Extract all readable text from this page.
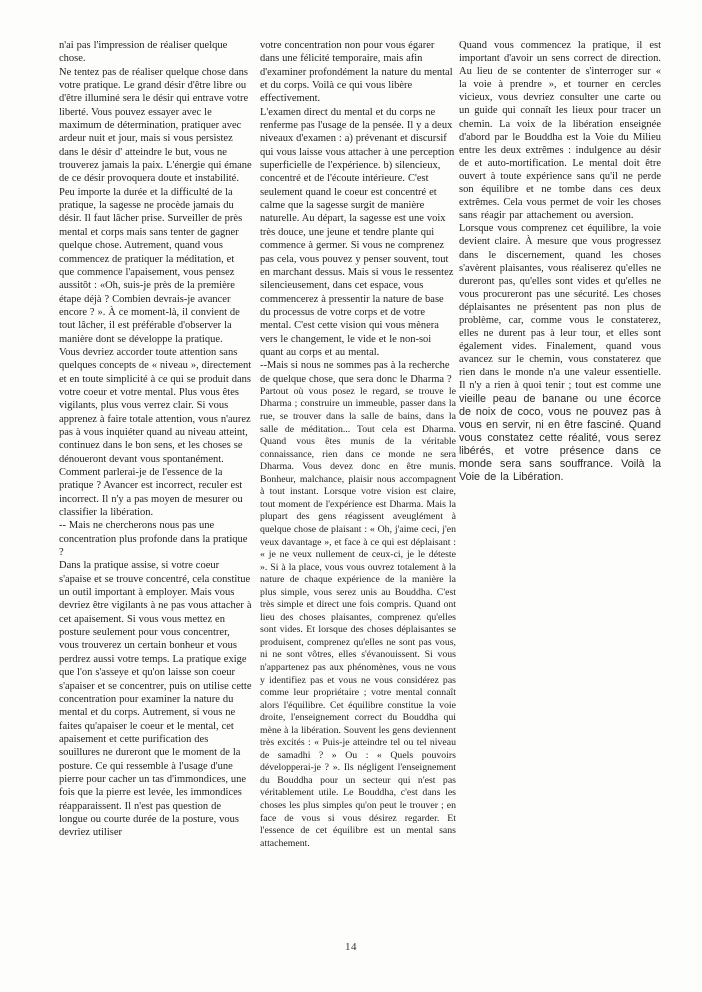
n'ai pas l'impression de réaliser quelque chose.

Ne tentez pas de réaliser quelque chose dans votre pratique. Le grand désir d'être libre ou d'être illuminé sera le désir qui entrave votre liberté. Vous pouvez essayer avec le maximum de détermination, pratiquer avec ardeur nuit et jour, mais si vous persistez dans le désir d' atteindre le but, vous ne trouverez jamais la paix. L'énergie qui émane de ce désir provoquera doute et instabilité. Peu importe la durée et la difficulté de la pratique, la sagesse ne procède jamais du désir. Il faut lâcher prise. Surveiller de près mental et corps mais sans tenter de gagner quelque chose. Autrement, quand vous commencez de pratiquer la méditation, et que commence l'apaisement, vous pensez aussitôt : «Oh, suis-je près de la première étape déjà ? Combien devrais-je avancer encore ? ». À ce moment-là, il convient de tout lâcher, il est préférable d'observer la manière dont se développe la pratique.

Vous devriez accorder toute attention sans quelques concepts de « niveau », directement et en toute simplicité à ce qui se produit dans votre coeur et votre mental. Plus vous êtes vigilants, plus vous verrez clair. Si vous apprenez à faire totale attention, vous n'aurez pas à vous inquiéter quand au niveau atteint, continuez dans le bon sens, et les choses se dénoueront devant vous spontanément. Comment parlerai-je de l'essence de la pratique ? Avancer est incorrect, reculer est incorrect. Il n'y a pas moyen de mesurer ou classifier la libération.

-- Mais ne chercherons nous pas une concentration plus profonde dans la pratique ?

Dans la pratique assise, si votre coeur s'apaise et se trouve concentré, cela constitue un outil important à employer. Mais vous devriez être vigilants à ne pas vous attacher à cet apaisement. Si vous vous mettez en posture seulement pour vous concentrer, vous trouverez un certain bonheur et vous perdrez aussi votre temps. La pratique exige que l'on s'asseye et qu'on laisse son coeur s'apaiser et se concentrer, puis on utilise cette concentration pour examiner la nature du mental et du corps. Autrement, si vous ne faites qu'apaiser le coeur et le mental, cet apaisement et cette purification des souillures ne dureront que le moment de la posture. Ce qui ressemble à l'usage d'une pierre pour cacher un tas d'immondices, une fois que la pierre est levée, les immondices réapparaissent. Il n'est pas question de longue ou courte durée de la posture, vous devriez utiliser

votre concentration non pour vous égarer dans une félicité temporaire, mais afin d'examiner profondément la nature du mental et du corps. Voilà ce qui vous libère effectivement.

L'examen direct du mental et du corps ne renferme pas l'usage de la pensée. Il y a deux niveaux d'examen : a) prévenant et discursif qui vous laisse vous attacher à une perception superficielle de l'expérience. b) silencieux, concentré et de l'écoute intérieure. C'est seulement quand le coeur est concentré et calme que la sagesse surgit de manière naturelle. Au départ, la sagesse est une voix très douce, une jeune et tendre plante qui commence à germer. Si vous ne comprenez pas cela, vous pouvez y penser souvent, tout en marchant dessus. Mais si vous le ressentez silencieusement, dans cet espace, vous commencerez à pressentir la nature de base du processus de votre corps et de votre mental. C'est cette vision qui vous mènera vers le changement, le vide et le non-soi quant au corps et au mental.

--Mais si nous ne sommes pas à la recherche de quelque chose, que sera donc le Dharma ?

Partout où vous posez le regard, se trouve le Dharma ; construire un immeuble, passer dans la rue, se trouver dans la salle de bains, dans la salle de méditation... Tout cela est Dharma. Quand vous êtes munis de la véritable connaissance, rien dans ce monde ne sera Dharma. Vous devez donc en être munis. Bonheur, malchance, plaisir nous accompagnent à tout instant. Lorsque votre vision est claire, tout moment de l'expérience est Dharma. Mais la plupart des gens réagissent aveuglément à quelque chose de plaisant : « Oh, j'aime ceci, j'en veux davantage », et face à ce qui est déplaisant : « je ne veux nullement de ceux-ci, je le déteste ». Si à la place, vous vous ouvrez totalement à la nature de chaque expérience de la manière la plus simple, vous serez unis au Bouddha. C'est très simple et direct une fois compris. Quand ont lieu des choses plaisantes, comprenez qu'elles sont vides. Et lorsque des choses déplaisantes se produisent, comprenez qu'elles ne sont pas vous, ni ne sont vôtres, elles s'évanouissent. Si vous n'appartenez pas aux phénomènes, vous ne vous y identifiez pas et vous ne vous considérez pas comme leur propriétaire ; votre mental connaît alors l'équilibre. Cet équilibre constitue la voie droite, l'enseignement correct du Bouddha qui mène à la libération. Souvent les gens deviennent très excités : « Puis-je atteindre tel ou tel niveau de samadhi ? » Ou : « Quels pouvoirs développerai-je ? ». Ils négligent l'enseignement du Bouddha pour un secteur qui n'est pas véritablement utile. Le Bouddha, c'est dans les choses les plus simples qu'on peut le trouver ; en face de vous si vous désirez regarder. Et l'essence de cet équilibre est un mental sans attachement.

Quand vous commencez la pratique, il est important d'avoir un sens correct de direction. Au lieu de se contenter de s'interroger sur « la voie à prendre », et tourner en cercles vicieux, vous devriez consulter une carte ou un guide qui connaît les lieux pour tracer un chemin. La voix de la libération enseignée d'abord par le Bouddha est la Voie du Milieu entre les deux extrêmes : indulgence au désir de et auto-mortification. Le mental doit être ouvert à toute expérience sans qu'il ne perde son équilibre et ne tombe dans ces deux extrêmes. Cela vous permet de voir les choses sans réagir par attachement ou aversion.

Lorsque vous comprenez cet équilibre, la voie devient claire. À mesure que vous progressez dans le discernement, quand les choses s'avèrent plaisantes, vous réaliserez qu'elles ne dureront pas, qu'elles sont vides et qu'elles ne vous procureront pas une sécurité. Les choses déplaisantes ne présentent pas non plus de problème, car, comme vous le constaterez, elles ne durent pas à leur tour, et elles sont également vides. Finalement, quand vous avancez sur le chemin, vous constaterez que rien dans le monde n'a une valeur essentielle. Il n'y a rien à quoi tenir ; tout est comme une vieille peau de banane ou une écorce de noix de coco, vous ne pouvez pas à vous en servir, ni en être fasciné. Quand vous constatez cette réalité, vous serez libérés, et votre présence dans ce monde sera sans souffrance. Voilà la Voie de la Libération.

14
